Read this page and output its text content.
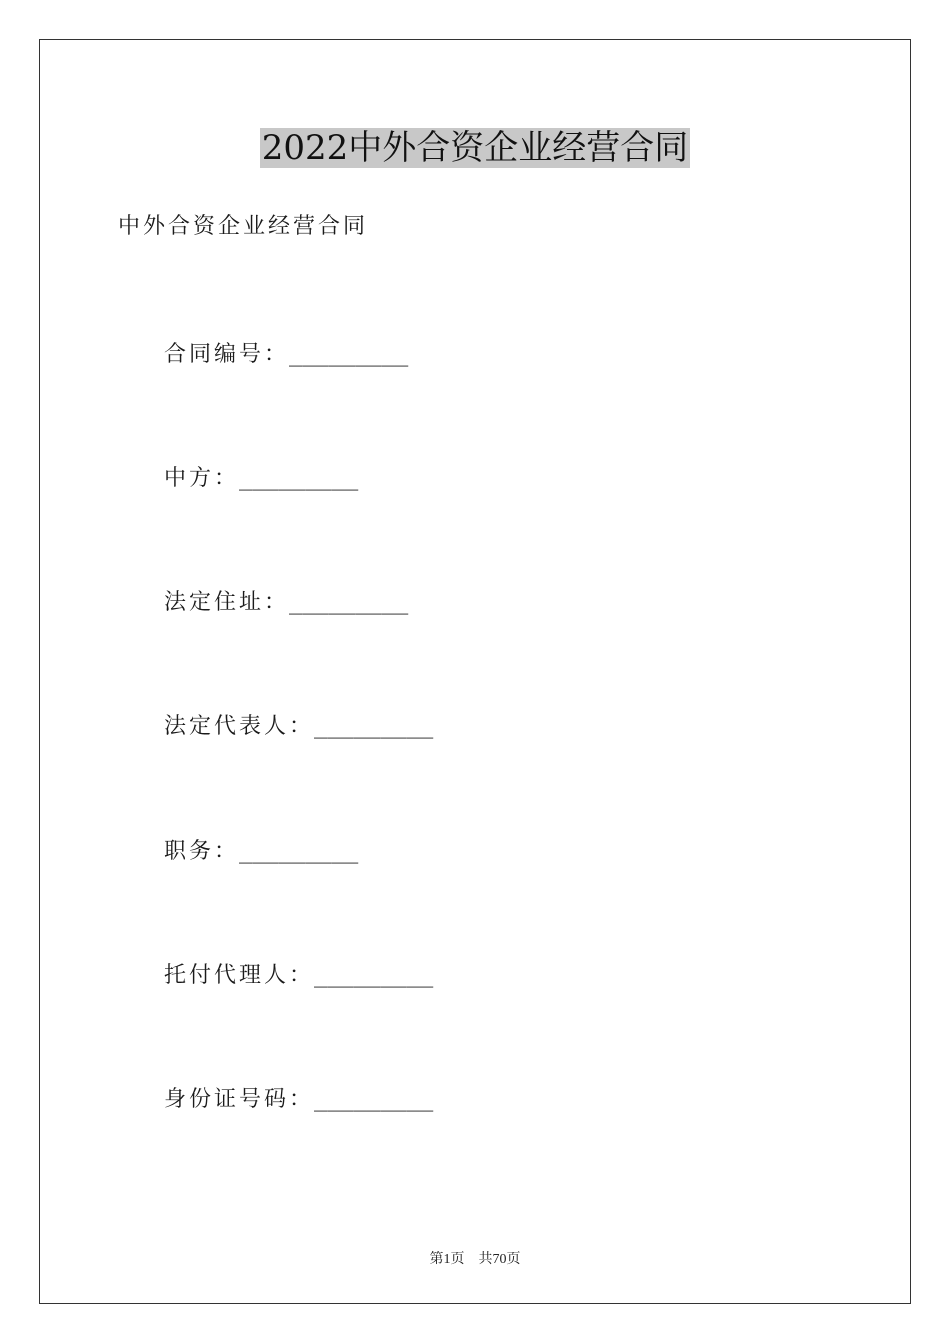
2022中外合资企业经营合同
中外合资企业经营合同
合同编号：_________
中方：_________
法定住址：_________
法定代表人：_________
职务：_________
托付代理人：_________
身份证号码：_________
第1页 共70页
